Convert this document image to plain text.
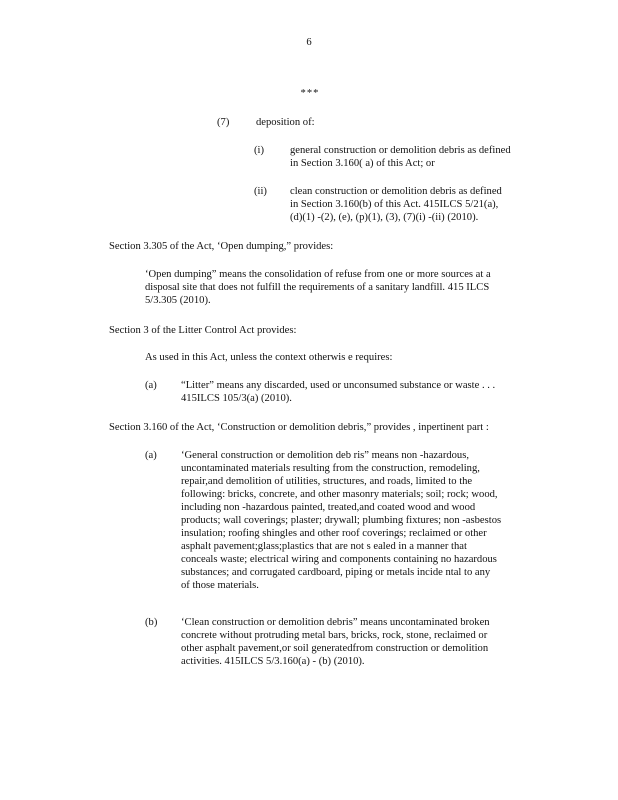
6
***
(7)	deposition of:
(i)	general construction or demolition debris as defined
in Section 3.160( a) of this Act; or
(ii)	clean construction or demolition debris as defined
in Section 3.160(b) of this Act. 415ILCS 5/21(a),
(d)(1) -(2), (e), (p)(1), (3), (7)(i) -(ii) (2010).
Section 3.305 of the Act, ‘Open dumping,” provides:
‘Open dumping” means the consolidation of refuse from one or more sources at a
disposal site that does not fulfill the requirements of a sanitary landfill. 415 ILCS
5/3.305 (2010).
Section 3 of the Litter Control Act provides:
As used in this Act, unless the context otherwis e requires:
(a)	“Litter” means any discarded, used or unconsumed substance or waste . . .
415ILCS 105/3(a) (2010).
Section 3.160 of the Act, ‘Construction or demolition debris,” provides , inpertinent part :
(a)	‘General construction or demolition deb ris” means non -hazardous,
uncontaminated materials resulting from the construction, remodeling,
repair,and demolition of utilities, structures, and roads, limited to the
following: bricks, concrete, and other masonry materials; soil; rock; wood,
including non -hazardous painted, treated,and coated wood and wood
products; wall coverings; plaster; drywall; plumbing fixtures; non -asbestos
insulation; roofing shingles and other roof coverings; reclaimed or other
asphalt pavement;glass;plastics that are not s ealed in a manner that
conceals waste; electrical wiring and components containing no hazardous
substances; and corrugated cardboard, piping or metals incide ntal to any
of those materials.
(b)	‘Clean construction or demolition debris” means uncontaminated broken
concrete without protruding metal bars, bricks, rock, stone, reclaimed or
other asphalt pavement,or soil generatedfrom construction or demolition
activities. 415ILCS 5/3.160(a) - (b) (2010).
